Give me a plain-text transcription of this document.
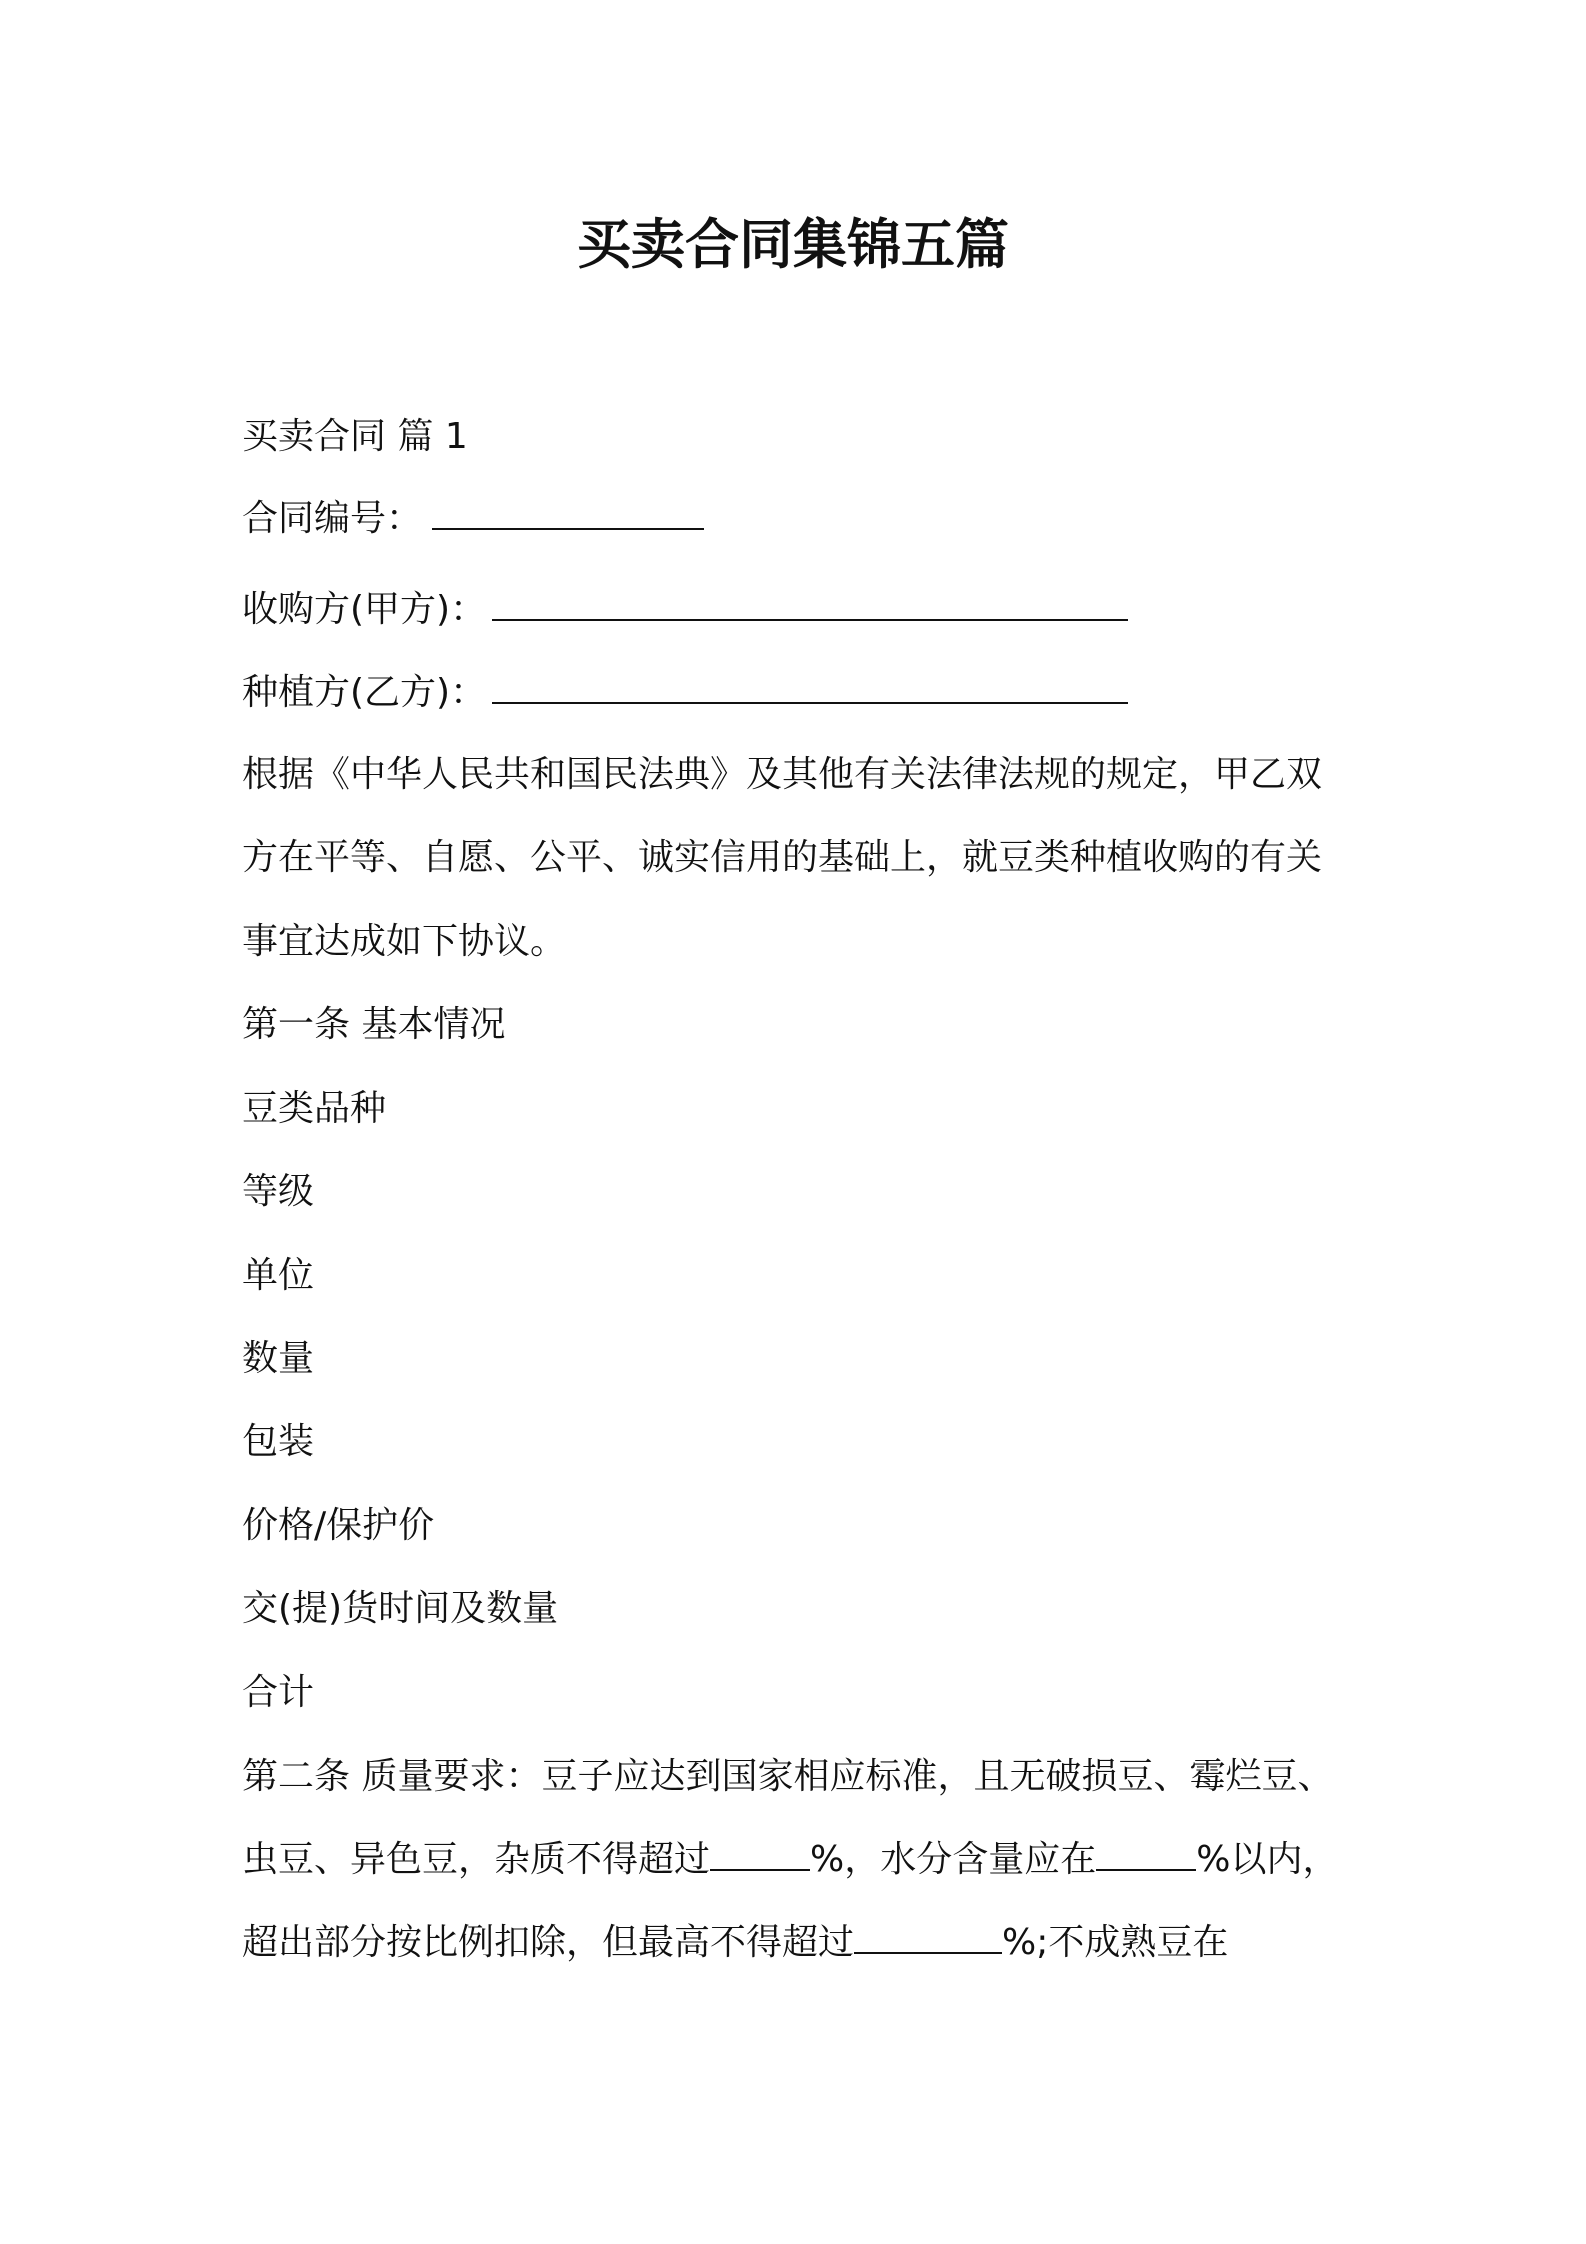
买卖合同集锦五篇

买卖合同 篇 1

合同编号：

收购方(甲方)：

种植方(乙方)：

根据《中华人民共和国民法典》及其他有关法律法规的规定，甲乙双

方在平等、自愿、公平、诚实信用的基础上，就豆类种植收购的有关

事宜达成如下协议。

第一条 基本情况

豆类品种

等级

单位

数量

包装

价格/保护价

交(提)货时间及数量

合计

第二条 质量要求：豆子应达到国家相应标准，且无破损豆、霉烂豆、

虫豆、异色豆，杂质不得超过	%，水分含量应在	%以内，

超出部分按比例扣除，但最高不得超过	%;不成熟豆在
